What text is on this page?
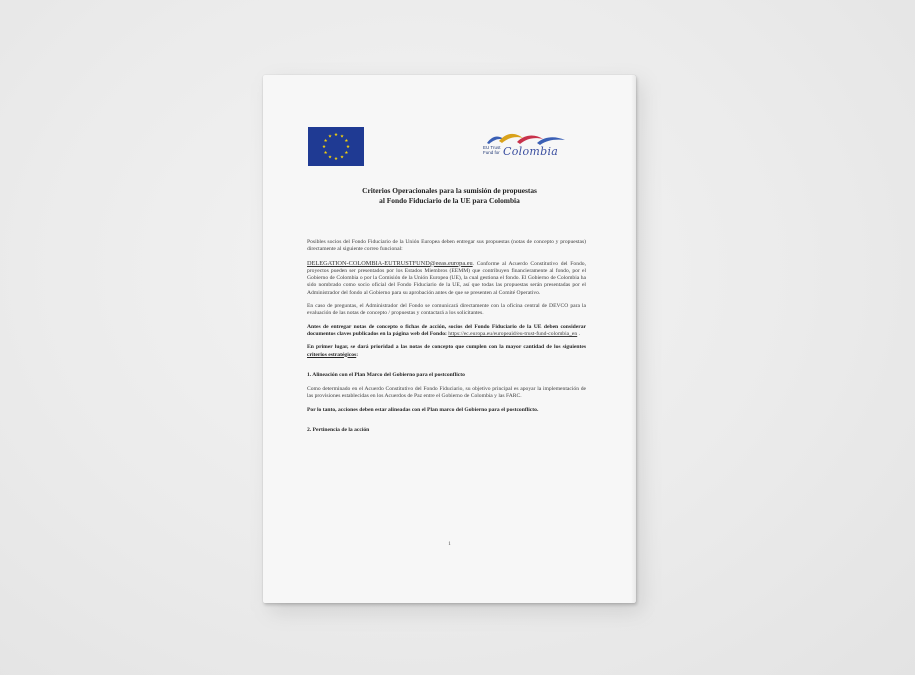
EU Trust Fund for Colombia
Criterios Operacionales para la sumisión de propuestas
al Fondo Fiduciario de la UE para Colombia

Posibles socios del Fondo Fiduciario de la Unión Europea deben entregar sus propuestas (notas de concepto y propuestas) directamente al siguiente correo funcional:

DELEGATION-COLOMBIA-EUTRUSTFUND@eeas.europa.eu. Conforme al Acuerdo Constitutivo del Fondo, proyectos pueden ser presentados por los Estados Miembros (EEMM) que contribuyen financieramente al fondo, por el Gobierno de Colombia o por la Comisión de la Unión Europea (UE), la cual gestiona el fondo. El Gobierno de Colombia ha sido nombrado como socio oficial del Fondo Fiduciario de la UE, así que todas las propuestas serán presentadas por el Administrador del fondo al Gobierno para su aprobación antes de que se presenten al Comité Operativo.

En caso de preguntas, el Administrador del Fondo se comunicará directamente con la oficina central de DEVCO para la evaluación de las notas de concepto / propuestas y contactará a los solicitantes.

Antes de entregar notas de concepto o fichas de acción, socios del Fondo Fiduciario de la UE deben considerar documentos claves publicados en la página web del Fondo: https://ec.europa.eu/europeaid/eu-trust-fund-colombia_en .

En primer lugar, se dará prioridad a las notas de concepto que cumplen con la mayor cantidad de los siguientes criterios estratégicos:

1. Alineación con el Plan Marco del Gobierno para el postconflicto

Como determinado en el Acuerdo Constitutivo del Fondo Fiduciario, su objetivo principal es apoyar la implementación de las provisiones establecidas en los Acuerdos de Paz entre el Gobierno de Colombia y las FARC.

Por lo tanto, acciones deben estar alineadas con el Plan marco del Gobierno para el postconflicto.

2. Pertinencia de la acción

1
